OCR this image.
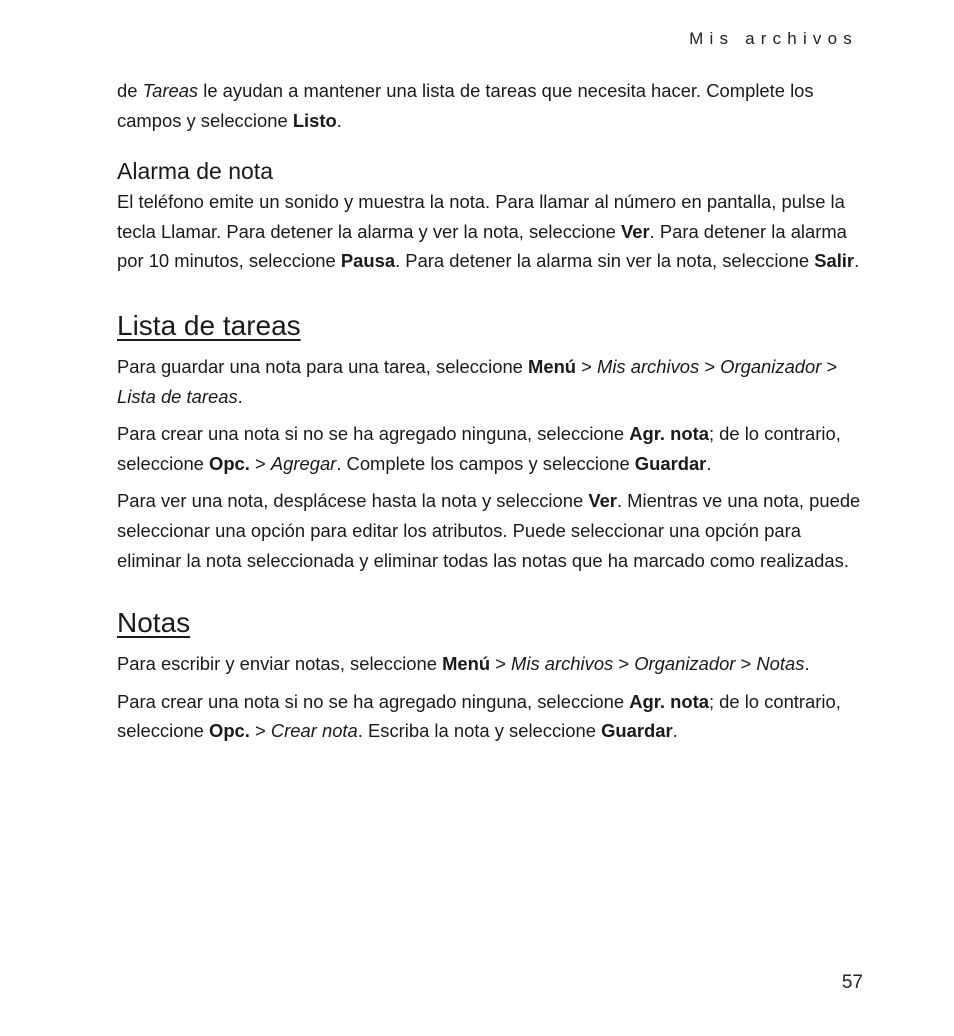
Mis archivos

de Tareas le ayudan a mantener una lista de tareas que necesita hacer. Complete los campos y seleccione Listo.

Alarma de nota

El teléfono emite un sonido y muestra la nota. Para llamar al número en pantalla, pulse la tecla Llamar. Para detener la alarma y ver la nota, seleccione Ver. Para detener la alarma por 10 minutos, seleccione Pausa. Para detener la alarma sin ver la nota, seleccione Salir.

Lista de tareas

Para guardar una nota para una tarea, seleccione Menú > Mis archivos > Organizador > Lista de tareas.

Para crear una nota si no se ha agregado ninguna, seleccione Agr. nota; de lo contrario, seleccione Opc. > Agregar. Complete los campos y seleccione Guardar.

Para ver una nota, desplácese hasta la nota y seleccione Ver. Mientras ve una nota, puede seleccionar una opción para editar los atributos. Puede seleccionar una opción para eliminar la nota seleccionada y eliminar todas las notas que ha marcado como realizadas.

Notas

Para escribir y enviar notas, seleccione Menú > Mis archivos > Organizador > Notas.

Para crear una nota si no se ha agregado ninguna, seleccione Agr. nota; de lo contrario, seleccione Opc. > Crear nota. Escriba la nota y seleccione Guardar.

57
